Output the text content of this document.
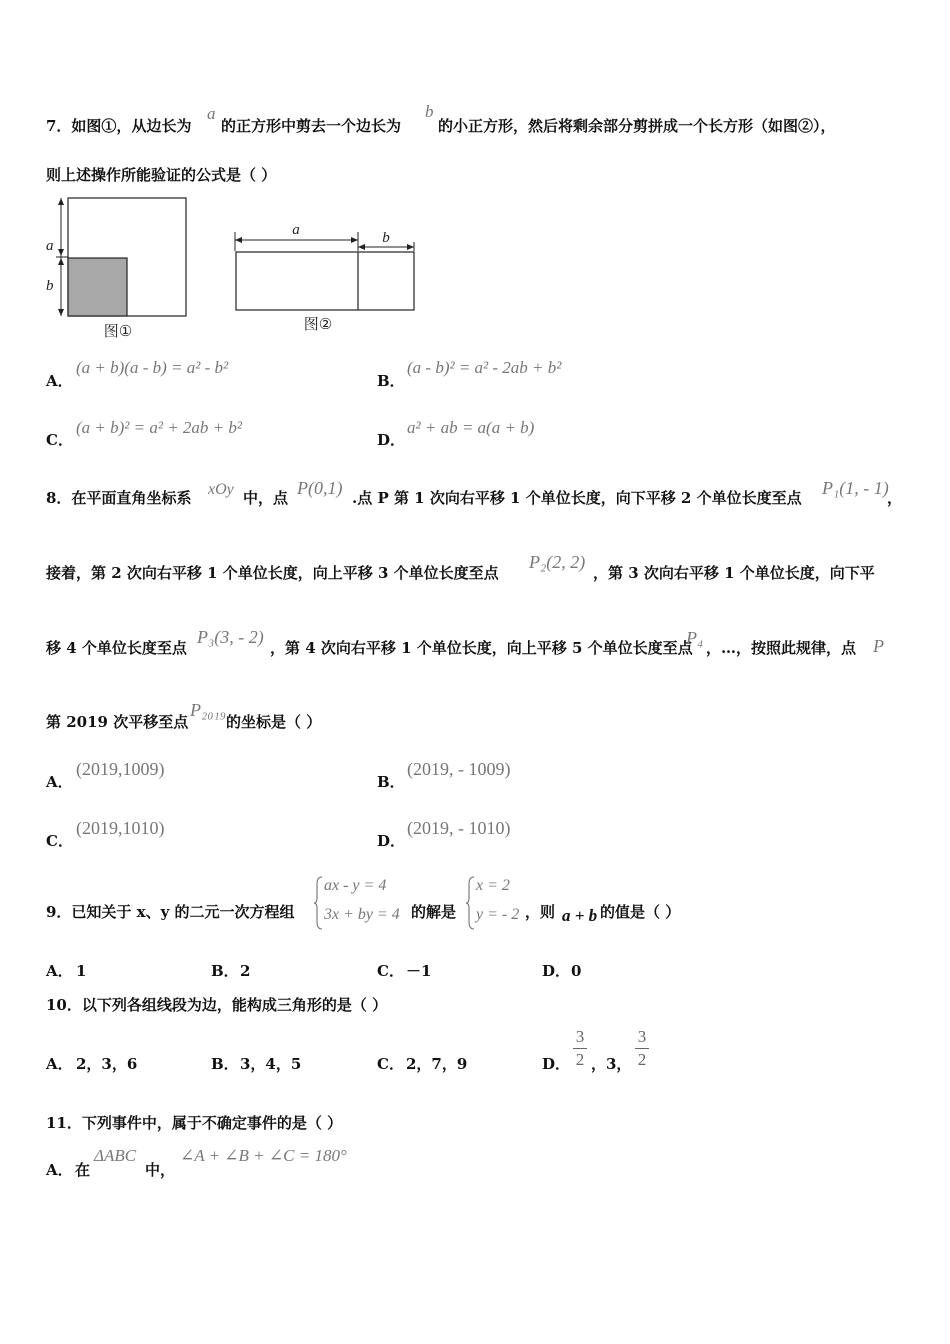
7．如图①，从边长为
a
的正方形中剪去一个边长为
b
的小正方形，然后将剩余部分剪拼成一个长方形（如图②），
则上述操作所能验证的公式是（ ）
a
b
图①
a	b
图②
A．
(a + b)(a - b) = a² - b²
B．
(a - b)² = a² - 2ab + b²
C．
(a + b)² = a² + 2ab + b²
D．
a² + ab = a(a + b)
8．在平面直角坐标系 xOy 中，点 P(0,1) .点 P 第 1 次向右平移 1 个单位长度，向下平移 2 个单位长度至点 P₁(1, - 1)
，
接着，第 2 次向右平移 1 个单位长度，向上平移 3 个单位长度至点
P₂(2, 2)
，第 3 次向右平移 1 个单位长度，向下平
移 4 个单位长度至点
P₃(3, - 2)
，第 4 次向右平移 1 个单位长度，向上平移 5 个单位长度至点
P₄ ，…，按照此规律，点 P
第 2019 次平移至点
P₂₀₁₉
的坐标是（ ）
A．
(2019,1009)
B．
(2019, - 1009)
C．
(2019,1010)
D．
(2019, - 1010)
9．已知关于 x、y 的二元一次方程组
ax - y = 4
3x + by = 4 的解是
x = 2
y = - 2 ，则 a + b 的值是（ ）
A． 1	B． 2	C． －1	D． 0
10．以下列各组线段为边，能构成三角形的是（ ）
A． 2，3，6	B． 3，4，5	C． 2，7，9	D．
3
2 ，3，
3
2
11．下列事件中，属于不确定事件的是（ ）
A． 在
ΔABC
中，
∠A + ∠B + ∠C = 180°
